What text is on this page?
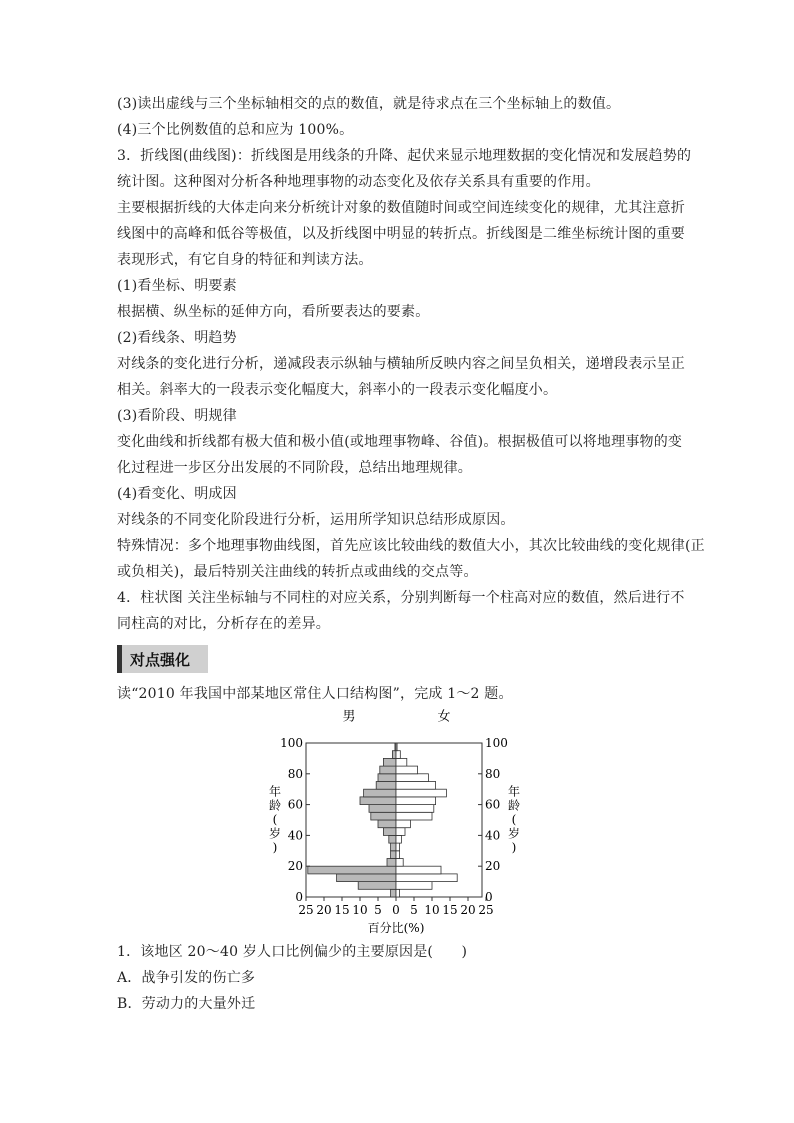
(3)读出虚线与三个坐标轴相交的点的数值，就是待求点在三个坐标轴上的数值。

(4)三个比例数值的总和应为 100%。

3．折线图(曲线图)：折线图是用线条的升降、起伏来显示地理数据的变化情况和发展趋势的

统计图。这种图对分析各种地理事物的动态变化及依存关系具有重要的作用。

主要根据折线的大体走向来分析统计对象的数值随时间或空间连续变化的规律，尤其注意折

线图中的高峰和低谷等极值，以及折线图中明显的转折点。折线图是二维坐标统计图的重要

表现形式，有它自身的特征和判读方法。

(1)看坐标、明要素

根据横、纵坐标的延伸方向，看所要表达的要素。

(2)看线条、明趋势

对线条的变化进行分析，递减段表示纵轴与横轴所反映内容之间呈负相关，递增段表示呈正

相关。斜率大的一段表示变化幅度大，斜率小的一段表示变化幅度小。

(3)看阶段、明规律

变化曲线和折线都有极大值和极小值(或地理事物峰、谷值)。根据极值可以将地理事物的变

化过程进一步区分出发展的不同阶段，总结出地理规律。

(4)看变化、明成因

对线条的不同变化阶段进行分析，运用所学知识总结形成原因。

特殊情况：多个地理事物曲线图，首先应该比较曲线的数值大小，其次比较曲线的变化规律(正

或负相关)，最后特别关注曲线的转折点或曲线的交点等。

4．柱状图 关注坐标轴与不同柱的对应关系，分别判断每一个柱高对应的数值，然后进行不

同柱高的对比，分析存在的差异。

对点强化

读“2010 年我国中部某地区常住人口结构图”，完成 1～2 题。

男	女
年
龄
(
岁
)
年
龄
(
岁
)
0	0
20	20
40	40
60	60
80	80
100	100
25 20 15 10 5 0 5 10 15 20 25
百分比(%)

1．该地区 20～40 岁人口比例偏少的主要原因是(　　)

A．战争引发的伤亡多

B．劳动力的大量外迁
